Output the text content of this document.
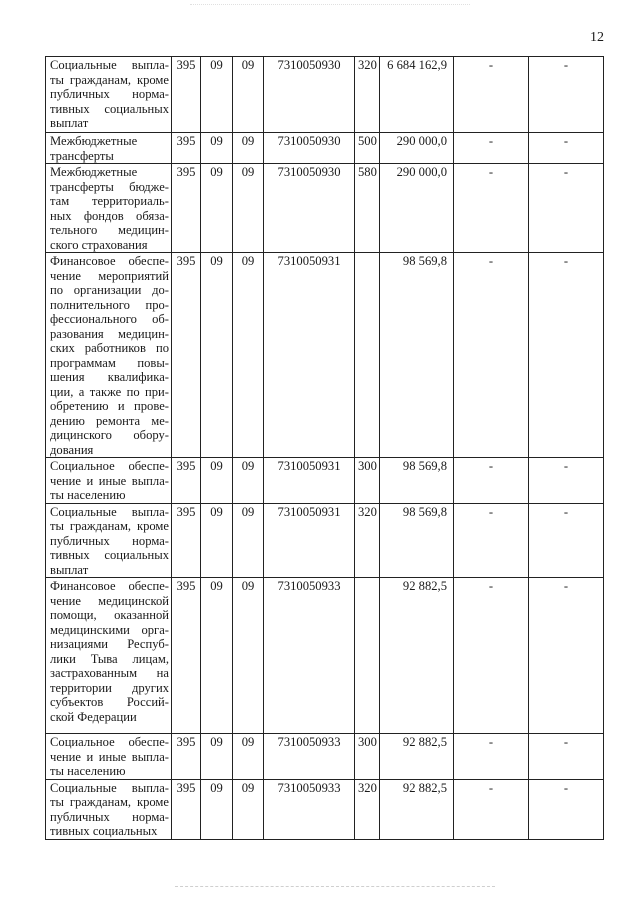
12
Социальные выпла-ты гражданам, кроме публичных норма-тивных социальных выплат	395	09	09	7310050930	320	6 684 162,9	-	-
Межбюджетные трансферты	395	09	09	7310050930	500	290 000,0	-	-
Межбюджетные трансферты бюдже-там территориаль-ных фондов обяза-тельного медицин-ского страхования	395	09	09	7310050930	580	290 000,0	-	-
Финансовое обеспе-чение мероприятий по организации до-полнительного про-фессионального об-разования медицин-ских работников по программам повы-шения квалифика-ции, а также по при-обретению и прове-дению ремонта ме-дицинского обору-дования	395	09	09	7310050931		98 569,8	-	-
Социальное обеспе-чение и иные выпла-ты населению	395	09	09	7310050931	300	98 569,8	-	-
Социальные выпла-ты гражданам, кроме публичных норма-тивных социальных выплат	395	09	09	7310050931	320	98 569,8	-	-
Финансовое обеспе-чение медицинской помощи, оказанной медицинскими орга-низациями Респуб-лики Тыва лицам, застрахованным на территории других субъектов Россий-ской Федерации	395	09	09	7310050933		92 882,5	-	-
Социальное обеспе-чение и иные выпла-ты населению	395	09	09	7310050933	300	92 882,5	-	-
Социальные выпла-ты гражданам, кроме публичных норма-тивных социальных	395	09	09	7310050933	320	92 882,5	-	-
